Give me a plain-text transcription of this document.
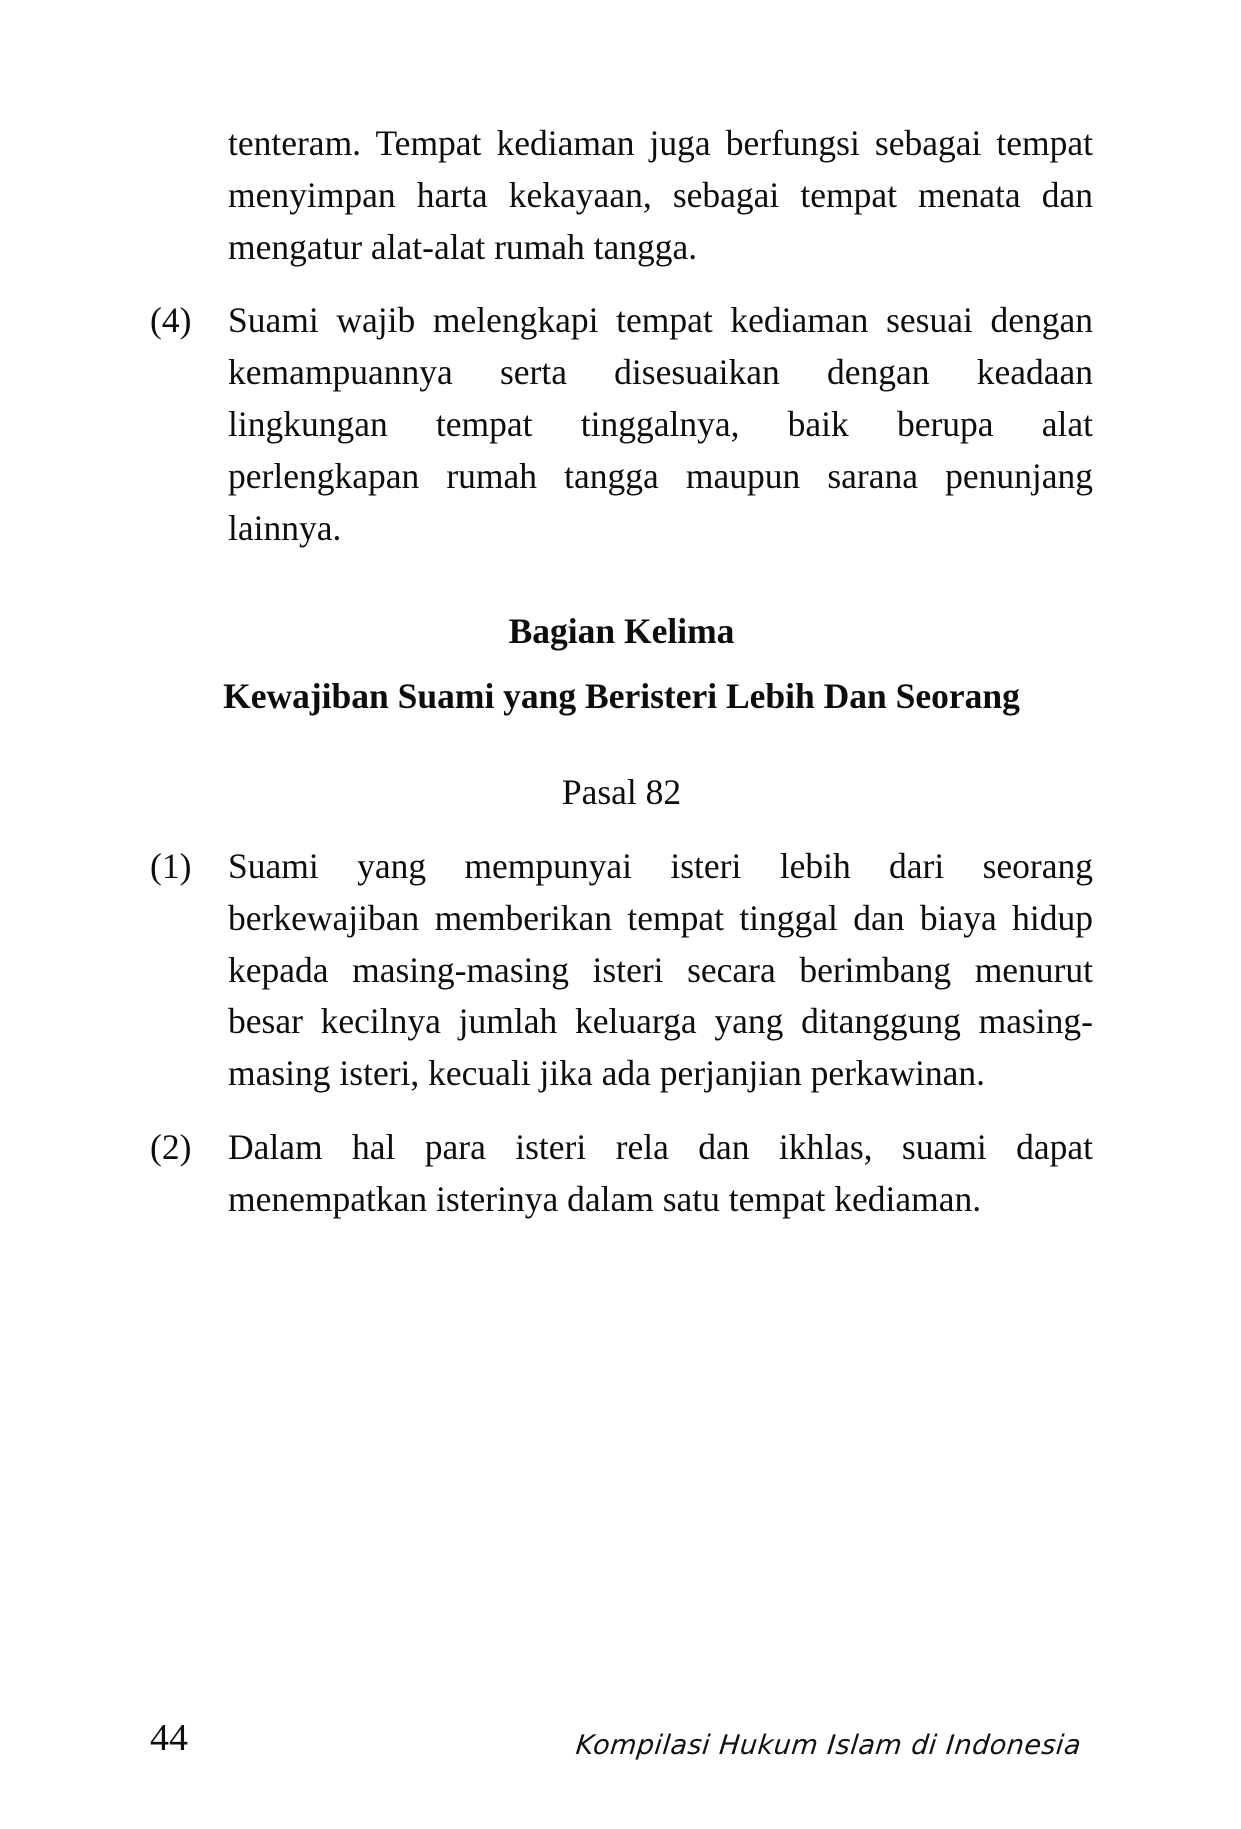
tenteram. Tempat kediaman juga berfungsi sebagai tempat menyimpan harta kekayaan, sebagai tempat menata dan mengatur alat-alat rumah tangga.

(4)	Suami wajib melengkapi tempat kediaman sesuai dengan kemampuannya serta disesuaikan dengan keadaan lingkungan tempat tinggalnya, baik berupa alat perlengkapan rumah tangga maupun sarana penunjang lainnya.
Bagian Kelima
Kewajiban Suami yang Beristeri Lebih Dan Seorang
Pasal 82
(1)	Suami yang mempunyai isteri lebih dari seorang berkewajiban memberikan tempat tinggal dan biaya hidup kepada masing-masing isteri secara berimbang menurut besar kecilnya jumlah keluarga yang ditanggung masing-masing isteri, kecuali jika ada perjanjian perkawinan.
(2)	Dalam hal para isteri rela dan ikhlas, suami dapat menempatkan isterinya dalam satu tempat kediaman.
44	Kompilasi Hukum Islam di Indonesia
